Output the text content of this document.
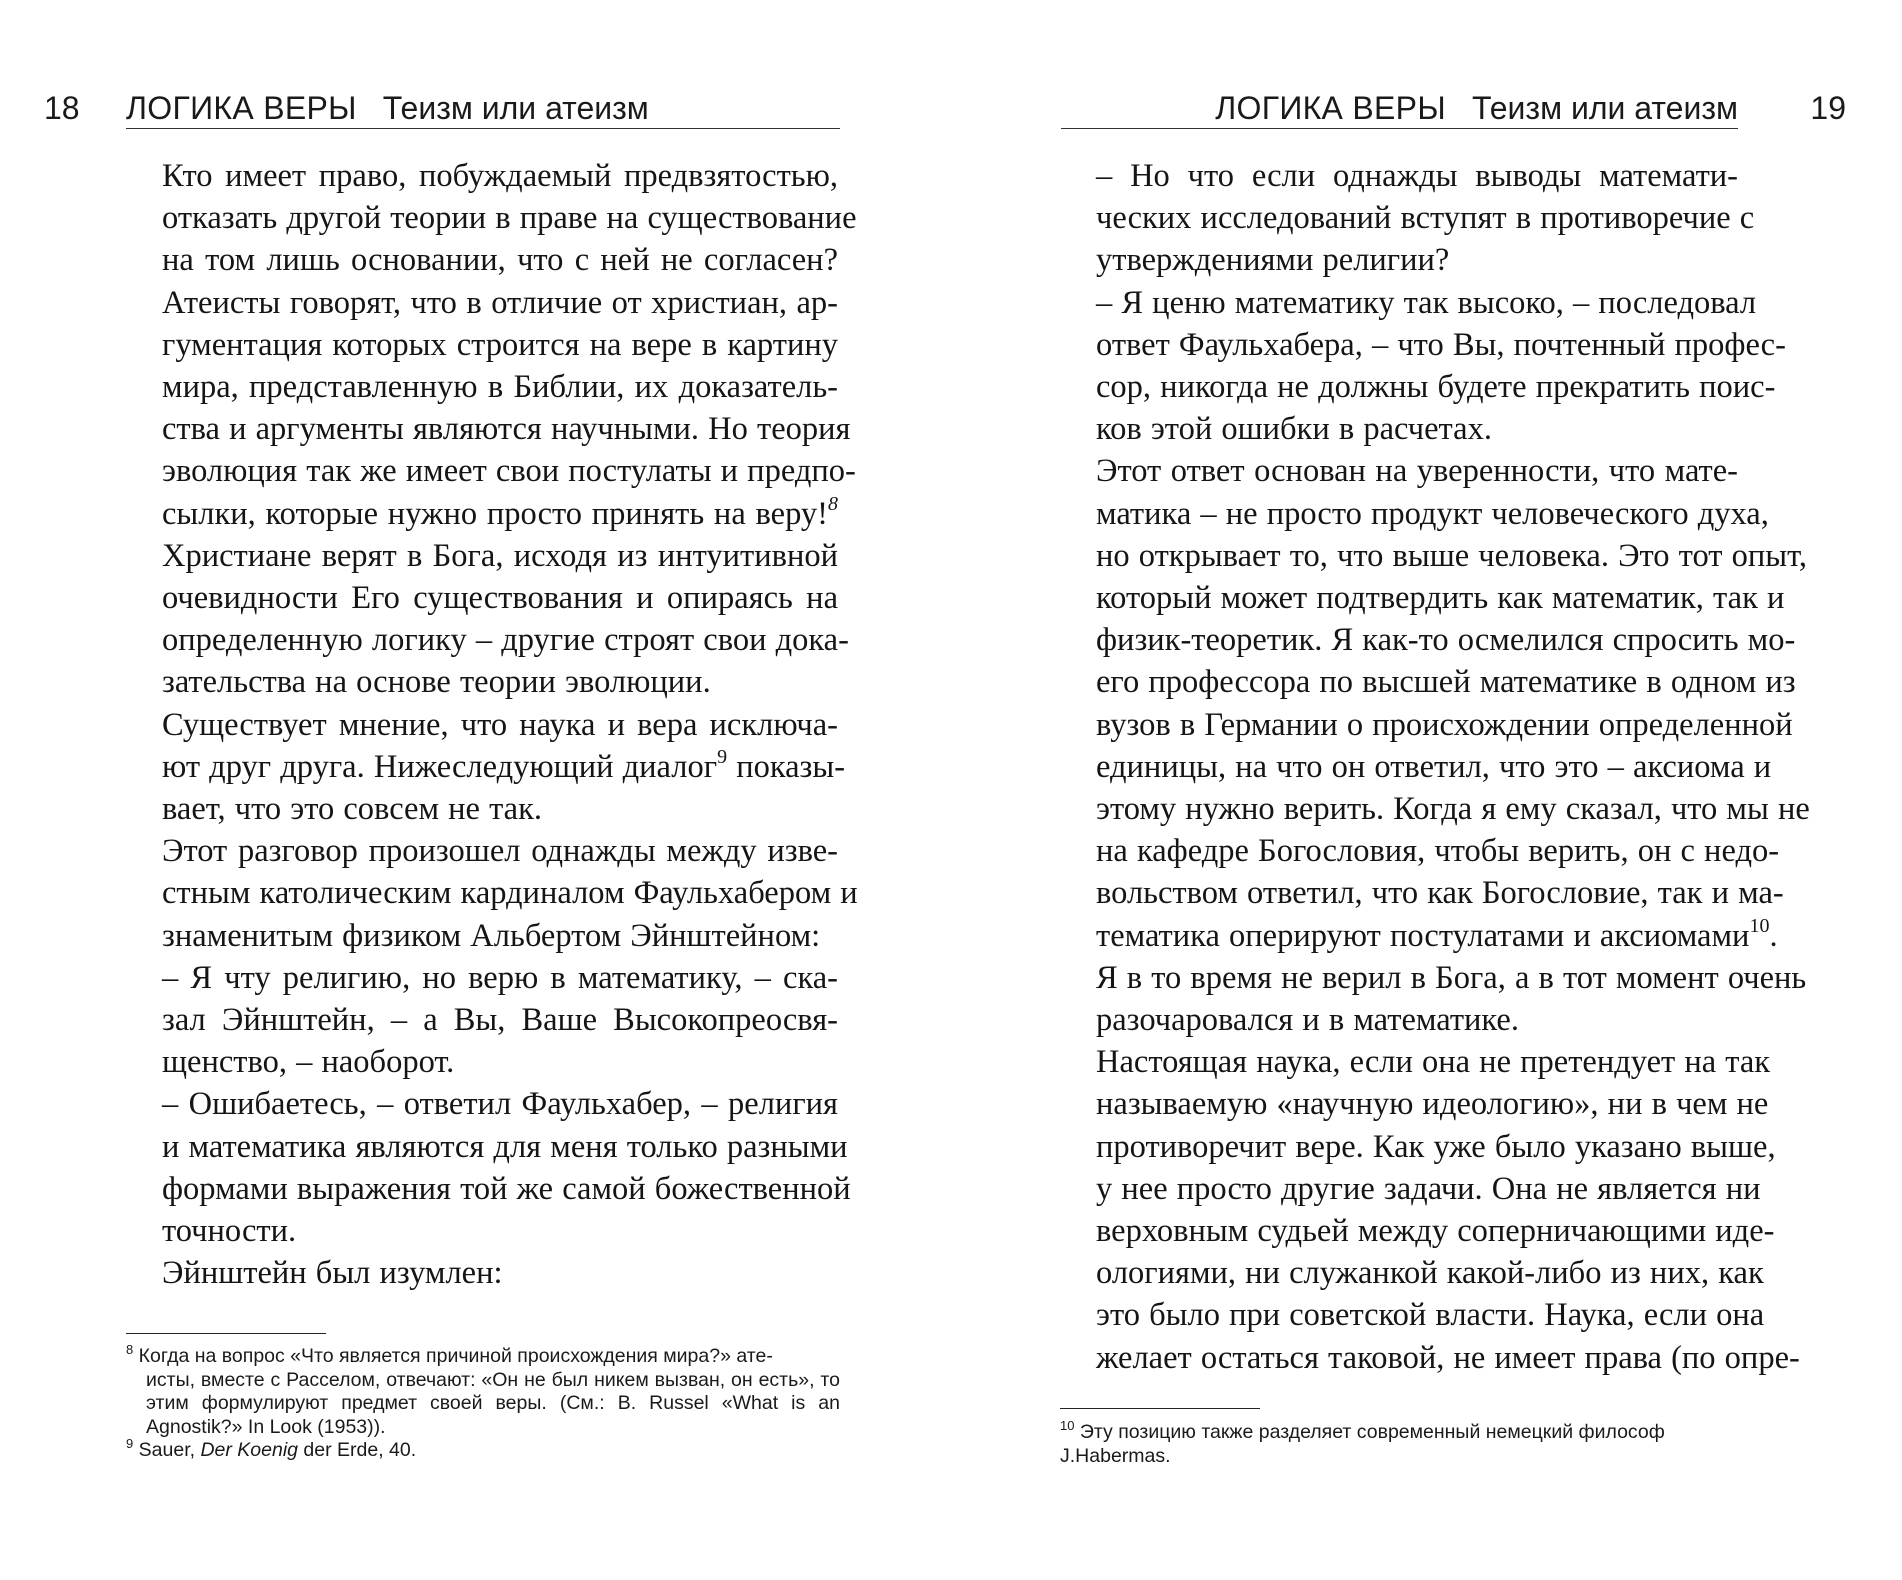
18 ЛОГИКА ВЕРЫ Теизм или атеизм

Кто имеет право, побуждаемый предвзятостью,
отказать другой теории в праве на существование
на том лишь основании, что с ней не согласен?
Атеисты говорят, что в отличие от христиан, ар-
гументация которых строится на вере в картину
мира, представленную в Библии, их доказатель-
ства и аргументы являются научными. Но теория
эволюция так же имеет свои постулаты и предпо-
сылки, которые нужно просто принять на веру!$^8$
Христиане верят в Бога, исходя из интуитивной
очевидности Его существования и опираясь на
определенную логику – другие строят свои дока-
зательства на основе теории эволюции.

Существует мнение, что наука и вера исключа-
ют друг друга. Нижеследующий диалог$^9$ показы-
вает, что это совсем не так.

Этот разговор произошел однажды между изве-
стным католическим кардиналом Фаульхабером и
знаменитым физиком Альбертом Эйнштейном:

– Я чту религию, но верю в математику, – ска-
зал Эйнштейн, – а Вы, Ваше Высокопреосвя-
щенство, – наоборот.

– Ошибаетесь, – ответил Фаульхабер, – религия
и математика являются для меня только разными
формами выражения той же самой божественной
точности.

Эйнштейн был изумлен:

$^8$ Когда на вопрос «Что является причиной происхождения мира?» ате-
исты, вместе с Расселом, отвечают: «Он не был никем вызван, он есть», то этим формулируют предмет своей веры. (См.: B. Russel «What is an Agnostik?» In Look (1953)).

$^9$ Sauer, Der Koenig der Erde, 40.

ЛОГИКА ВЕРЫ Теизм или атеизм 19

– Но что если однажды выводы математи-
ческих исследований вступят в противоречие с
утверждениями религии?

– Я ценю математику так высоко, – последовал
ответ Фаульхабера, – что Вы, почтенный профес-
сор, никогда не должны будете прекратить поис-
ков этой ошибки в расчетах.

Этот ответ основан на уверенности, что мате-
матика – не просто продукт человеческого духа,
но открывает то, что выше человека. Это тот опыт,
который может подтвердить как математик, так и
физик-теоретик. Я как-то осмелился спросить мо-
его профессора по высшей математике в одном из
вузов в Германии о происхождении определенной
единицы, на что он ответил, что это – аксиома и
этому нужно верить. Когда я ему сказал, что мы не
на кафедре Богословия, чтобы верить, он с недо-
вольством ответил, что как Богословие, так и ма-
тематика оперируют постулатами и аксиомами$^{10}$.
Я в то время не верил в Бога, а в тот момент очень
разочаровался и в математике.

Настоящая наука, если она не претендует на так
называемую «научную идеологию», ни в чем не
противоречит вере. Как уже было указано выше,
у нее просто другие задачи. Она не является ни
верховным судьей между соперничающими иде-
ологиями, ни служанкой какой-либо из них, как
это было при советской власти. Наука, если она
желает остаться таковой, не имеет права (по опре-

$^{10}$ Эту позицию также разделяет современный немецкий философ
J.Habermas.
